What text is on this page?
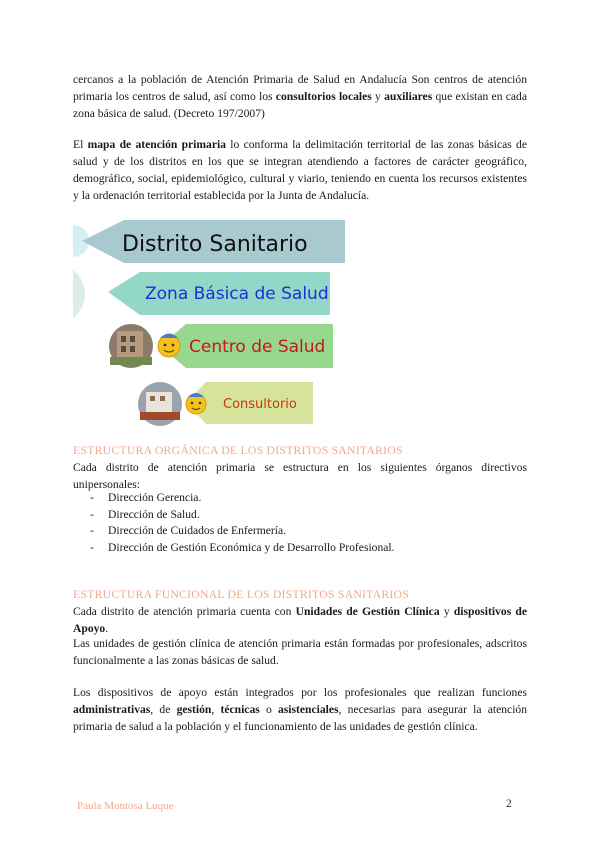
cercanos a la población de Atención Primaria de Salud en Andalucía Son centros de atención primaria los centros de salud, así como los consultorios locales y auxiliares que existan en cada zona básica de salud. (Decreto 197/2007)

El mapa de atención primaria lo conforma la delimitación territorial de las zonas básicas de salud y de los distritos en los que se integran atendiendo a factores de carácter geográfico, demográfico, social, epidemiológico, cultural y viario, teniendo en cuenta los recursos existentes y la ordenación territorial establecida por la Junta de Andalucía.

Distrito Sanitario
Zona Básica de Salud
Centro de Salud
Consultorio

ESTRUCTURA ORGÁNICA DE LOS DISTRITOS SANITARIOS

Cada distrito de atención primaria se estructura en los siguientes órganos directivos unipersonales:

- Dirección Gerencia.
- Dirección de Salud.
- Dirección de Cuidados de Enfermería.
- Dirección de Gestión Económica y de Desarrollo Profesional.

ESTRUCTURA FUNCIONAL DE LOS DISTRITOS SANITARIOS

Cada distrito de atención primaria cuenta con Unidades de Gestión Clínica y dispositivos de Apoyo.

Las unidades de gestión clínica de atención primaria están formadas por profesionales, adscritos funcionalmente a las zonas básicas de salud.

Los dispositivos de apoyo están integrados por los profesionales que realizan funciones administrativas, de gestión, técnicas o asistenciales, necesarias para asegurar la atención primaria de salud a la población y el funcionamiento de las unidades de gestión clínica.

Paula Montosa Luque	2
